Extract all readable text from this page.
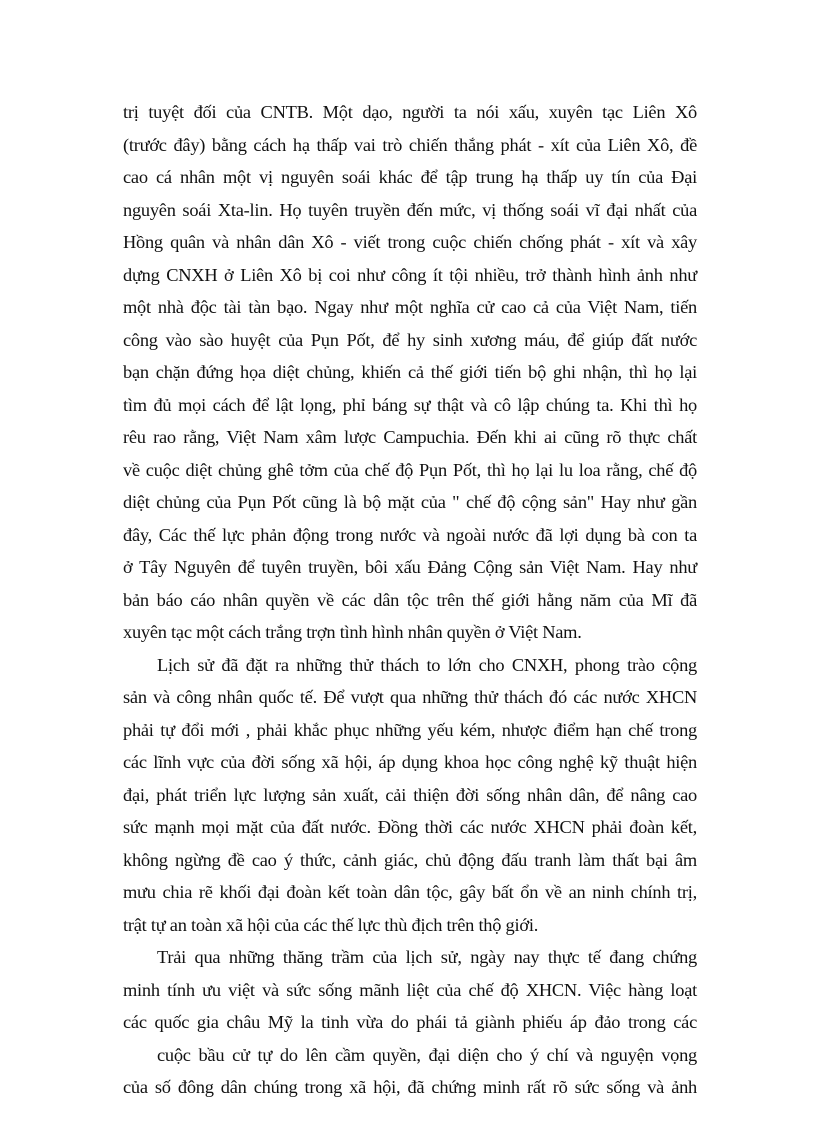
trị tuyệt đối của CNTB. Một dạo, người ta nói xấu, xuyên tạc Liên Xô
(trước đây) bằng cách hạ thấp vai trò chiến thắng phát - xít của Liên Xô, đề
cao cá nhân một vị nguyên soái khác để tập trung hạ thấp uy tín của Đại
nguyên soái Xta-lin. Họ tuyên truyền đến mức, vị thống soái vĩ đại nhất của
Hồng quân và nhân dân Xô - viết trong cuộc chiến chống phát - xít và xây
dựng CNXH ở Liên Xô bị coi như công ít tội nhiều, trở thành hình ảnh như
một nhà độc tài tàn bạo. Ngay như một nghĩa cử cao cả của Việt Nam, tiến
công vào sào huyệt của Pụn Pốt, để hy sinh xương máu, để giúp đất nước
bạn chặn đứng họa diệt chủng, khiến cả thế giới tiến bộ ghi nhận, thì họ lại
tìm đủ mọi cách để lật lọng, phỉ báng sự thật và cô lập chúng ta. Khi thì họ
rêu rao rằng, Việt Nam xâm lược Campuchia. Đến khi ai cũng rõ thực chất
về cuộc diệt chủng ghê tởm của chế độ Pụn Pốt, thì họ lại lu loa rằng, chế độ
diệt chủng của Pụn Pốt cũng là bộ mặt của " chế độ cộng sản" Hay như gần
đây, Các thế lực phản động trong nước và ngoài nước đã lợi dụng bà con ta
ở Tây Nguyên để tuyên truyền, bôi xấu Đảng Cộng sản Việt Nam. Hay như
bản báo cáo nhân quyền về các dân tộc trên thế giới hằng năm của Mĩ đã
xuyên tạc một cách trắng trợn tình hình nhân quyền ở Việt Nam.
Lịch sử đã đặt ra những thử thách to lớn cho CNXH, phong trào cộng
sản và công nhân quốc tế. Để vượt qua những thử thách đó các nước XHCN
phải tự đổi mới , phải khắc phục những yếu kém, nhược điểm hạn chế trong
các lĩnh vực của đời sống xã hội, áp dụng khoa học công nghệ kỹ thuật hiện
đại, phát triển lực lượng sản xuất, cải thiện đời sống nhân dân, để nâng cao
sức mạnh mọi mặt của đất nước. Đồng thời các nước XHCN phải đoàn kết,
không ngừng đề cao ý thức, cảnh giác, chủ động đấu tranh làm thất bại âm
mưu chia rẽ khối đại đoàn kết toàn dân tộc, gây bất ổn về an ninh chính trị,
trật tự an toàn xã hội của các thế lực thù địch trên thộ giới.
Trải qua những thăng trầm của lịch sử, ngày nay thực tế đang chứng
minh tính ưu việt và sức sống mãnh liệt của chế độ XHCN. Việc hàng loạt
các quốc gia châu Mỹ la tinh vừa do phái tả giành phiếu áp đảo trong các
cuộc bầu cử tự do lên cầm quyền, đại diện cho ý chí và nguyện vọng
của số đông dân chúng trong xã hội, đã chứng minh rất rõ sức sống và ảnh
